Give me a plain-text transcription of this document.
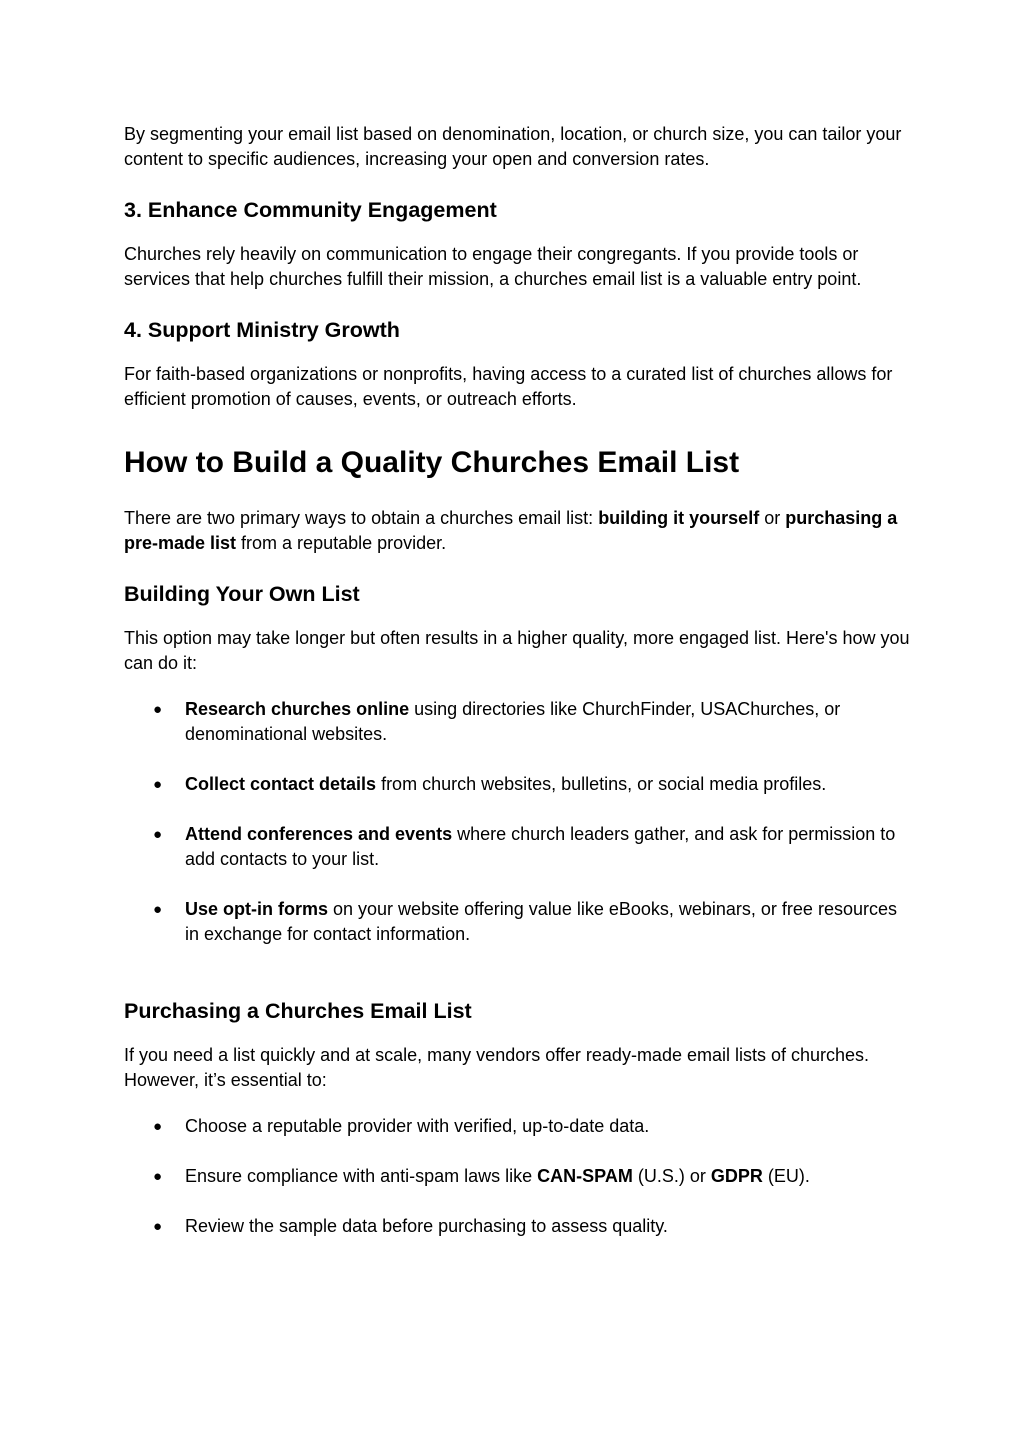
By segmenting your email list based on denomination, location, or church size, you can tailor your content to specific audiences, increasing your open and conversion rates.

3. Enhance Community Engagement

Churches rely heavily on communication to engage their congregants. If you provide tools or services that help churches fulfill their mission, a churches email list is a valuable entry point.

4. Support Ministry Growth

For faith-based organizations or nonprofits, having access to a curated list of churches allows for efficient promotion of causes, events, or outreach efforts.

How to Build a Quality Churches Email List

There are two primary ways to obtain a churches email list: building it yourself or purchasing a pre-made list from a reputable provider.

Building Your Own List

This option may take longer but often results in a higher quality, more engaged list. Here's how you can do it:

● Research churches online using directories like ChurchFinder, USAChurches, or denominational websites.
● Collect contact details from church websites, bulletins, or social media profiles.
● Attend conferences and events where church leaders gather, and ask for permission to add contacts to your list.
● Use opt-in forms on your website offering value like eBooks, webinars, or free resources in exchange for contact information.
Purchasing a Churches Email List

If you need a list quickly and at scale, many vendors offer ready-made email lists of churches. However, it’s essential to:

● Choose a reputable provider with verified, up-to-date data.
● Ensure compliance with anti-spam laws like CAN-SPAM (U.S.) or GDPR (EU).
● Review the sample data before purchasing to assess quality.
